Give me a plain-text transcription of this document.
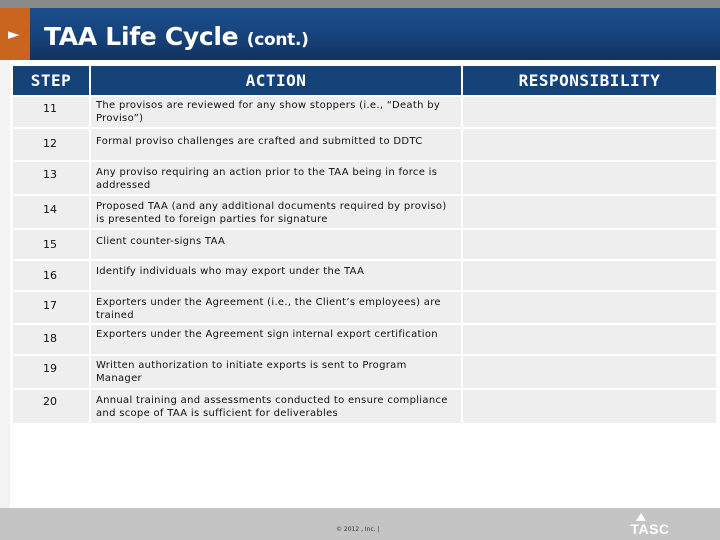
► TAA Life Cycle (cont.)
STEP	ACTION	RESPONSIBILITY
11	The provisos are reviewed for any show stoppers (i.e., “Death by Proviso”)
12	Formal proviso challenges are crafted and submitted to DDTC
13	Any proviso requiring an action prior to the TAA being in force is addressed
14	Proposed TAA (and any additional documents required by proviso) is presented to foreign parties for signature
15	Client counter-signs TAA
16	Identify individuals who may export under the TAA
17	Exporters under the Agreement (i.e., the Client’s employees) are trained
18	Exporters under the Agreement sign internal export certification
19	Written authorization to initiate exports is sent to Program Manager
20	Annual training and assessments conducted to ensure compliance and scope of TAA is sufficient for deliverables
© 2012 , Inc. |	TASC
